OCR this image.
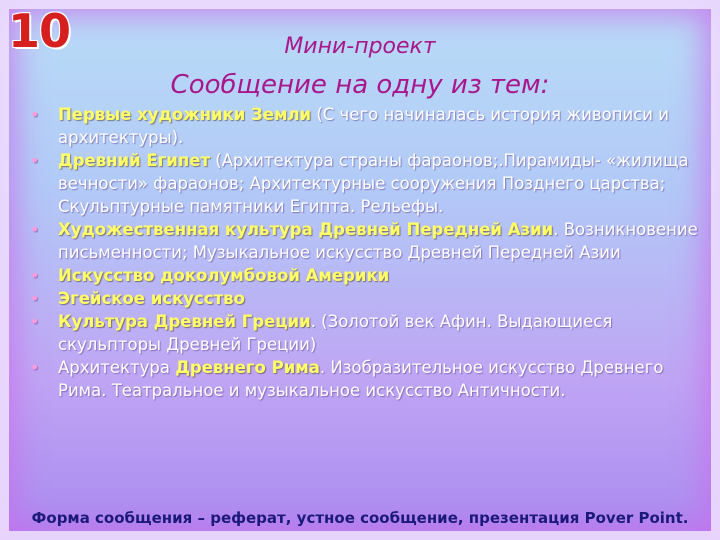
10	Мини-проект
Сообщение на одну из тем:
• Первые художники Земли (С чего начиналась история живописи и архитектуры).
• Древний Египет (Архитектура страны фараонов;.Пирамиды- «жилища вечности» фараонов; Архитектурные сооружения Позднего царства; Скульптурные памятники Египта. Рельефы.
• Художественная культура Древней Передней Азии. Возникновение письменности; Музыкальное искусство Древней Передней Азии
• Искусство доколумбовой Америки
• Эгейское искусство
• Культура Древней Греции. (Золотой век Афин. Выдающиеся скульпторы Древней Греции)
• Архитектура Древнего Рима. Изобразительное искусство Древнего Рима. Театральное и музыкальное искусство Античности.
Форма сообщения – реферат, устное сообщение, презентация Pover Point.
